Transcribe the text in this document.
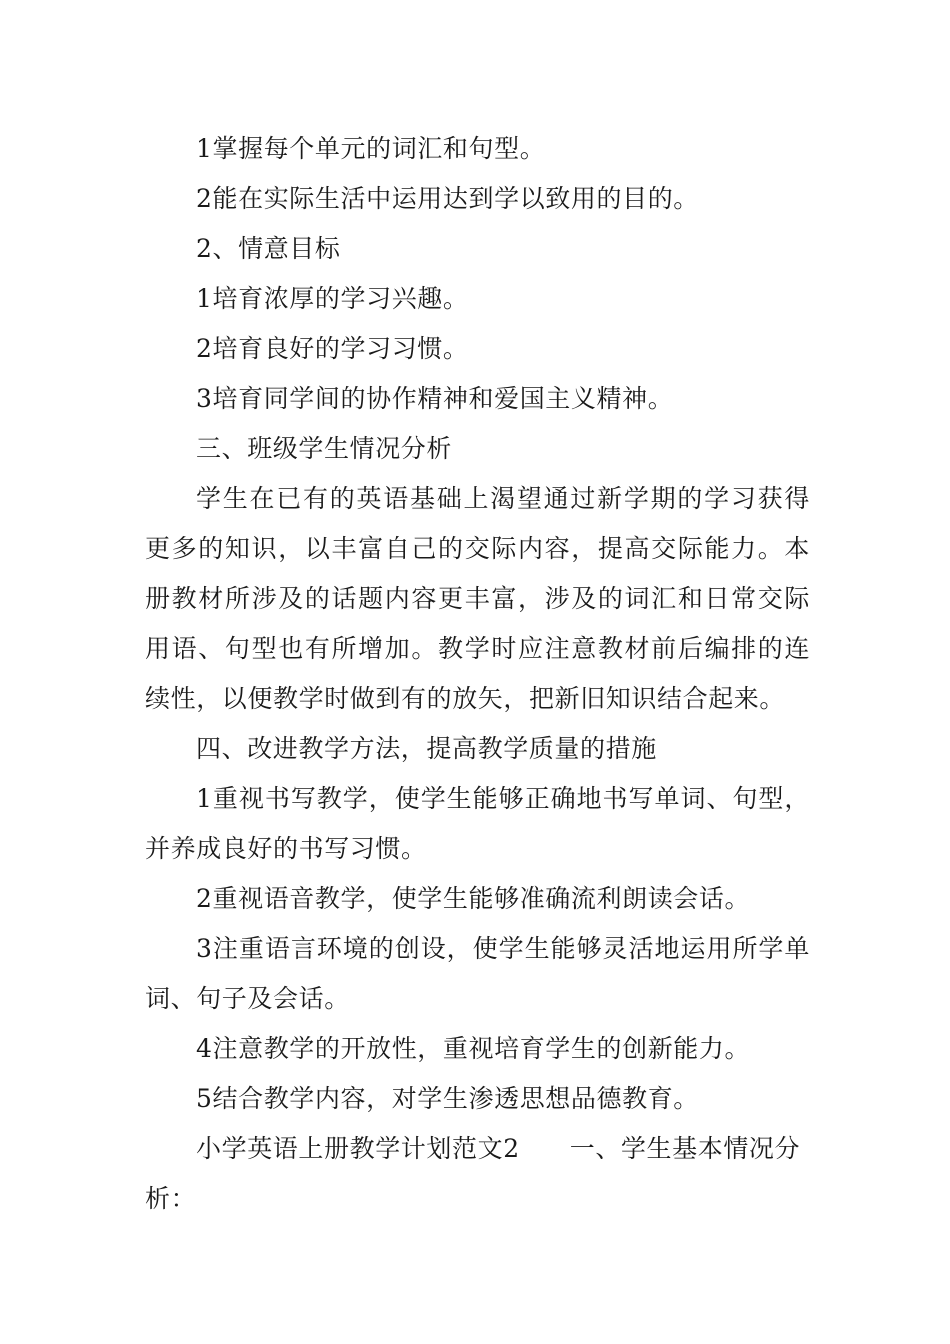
1掌握每个单元的词汇和句型。
2能在实际生活中运用达到学以致用的目的。
2、情意目标
1培育浓厚的学习兴趣。
2培育良好的学习习惯。
3培育同学间的协作精神和爱国主义精神。
三、班级学生情况分析
学生在已有的英语基础上渴望通过新学期的学习获得
更多的知识，以丰富自己的交际内容，提高交际能力。本
册教材所涉及的话题内容更丰富，涉及的词汇和日常交际
用语、句型也有所增加。教学时应注意教材前后编排的连
续性，以便教学时做到有的放矢，把新旧知识结合起来。
四、改进教学方法，提高教学质量的措施
1重视书写教学，使学生能够正确地书写单词、句型，
并养成良好的书写习惯。
2重视语音教学，使学生能够准确流利朗读会话。
3注重语言环境的创设，使学生能够灵活地运用所学单
词、句子及会话。
4注意教学的开放性，重视培育学生的创新能力。
5结合教学内容，对学生渗透思想品德教育。
小学英语上册教学计划范文2 一、学生基本情况分
析：
